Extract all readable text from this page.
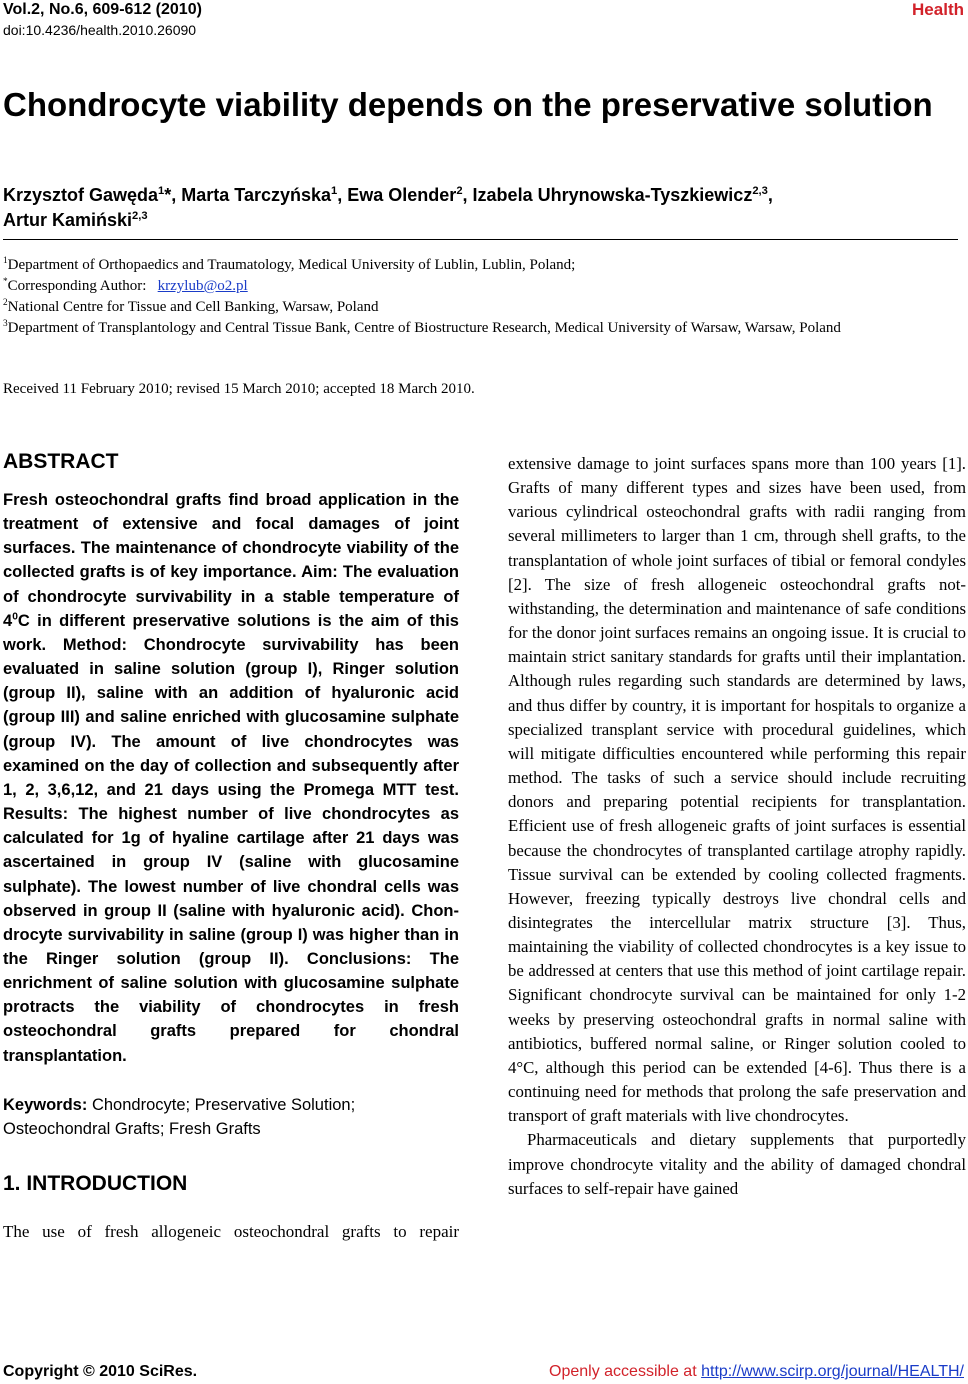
Vol.2, No.6, 609-612 (2010)
doi:10.4236/health.2010.26090
Health
Chondrocyte viability depends on the preservative solution
Krzysztof Gawęda$^1$*, Marta Tarczyńska$^1$, Ewa Olender$^2$, Izabela Uhrynowska-Tyszkiewicz$^{2,3}$,
Artur Kamiński$^{2,3}$
$^1$Department of Orthopaedics and Traumatology, Medical University of Lublin, Lublin, Poland;
*Corresponding Author: krzylub@o2.pl
$^2$National Centre for Tissue and Cell Banking, Warsaw, Poland
$^3$Department of Transplantology and Central Tissue Bank, Centre of Biostructure Research, Medical University of Warsaw, Warsaw, Poland
Received 11 February 2010; revised 15 March 2010; accepted 18 March 2010.
ABSTRACT
Fresh osteochondral grafts find broad application in the treatment of extensive and focal damages of joint surfaces. The maintenance of chondrocyte viability of the collected grafts is of key importance. Aim: The evaluation of chondrocyte survivability in a stable temperature of $4^0C$ in different preservative solutions is the aim of this work. Method: Chondrocyte survivability has been evaluated in saline solution (group I), Ringer solution (group II), saline with an addition of hyaluronic acid (group III) and saline enriched with glucosamine sulphate (group IV). The amount of live chondrocytes was examined on the day of collection and subsequently after 1, 2, 3,6,12, and 21 days using the Promega MTT test. Results: The highest number of live chondrocytes as calculated for 1g of hyaline cartilage after 21 days was ascertained in group IV (saline with glucosamine sulphate). The lowest number of live chondral cells was observed in group II (saline with hyaluronic acid). Chondrocyte survivability in saline (group I) was higher than in the Ringer solution (group II). Conclusions: The enrichment of saline solution with glucosamine sulphate protracts the viability of chondrocytes in fresh osteochondral grafts prepared for chondral transplantation.
Keywords: Chondrocyte; Preservative Solution; Osteochondral Grafts; Fresh Grafts
1. INTRODUCTION
The use of fresh allogeneic osteochondral grafts to repair

extensive damage to joint surfaces spans more than 100 years [1]. Grafts of many different types and sizes have been used, from various cylindrical osteochondral grafts with radii ranging from several millimeters to larger than 1 cm, through shell grafts, to the transplantation of whole joint surfaces of tibial or femoral condyles [2]. The size of fresh allogeneic osteochondral grafts notwithstanding, the determination and maintenance of safe conditions for the donor joint surfaces remains an ongoing issue. It is crucial to maintain strict sanitary standards for grafts until their implantation. Although rules regarding such standards are determined by laws, and thus differ by country, it is important for hospitals to organize a specialized transplant service with procedural guidelines, which will mitigate difficulties encountered while performing this repair method. The tasks of such a service should include recruiting donors and preparing potential recipients for transplantation. Efficient use of fresh allogeneic grafts of joint surfaces is essential because the chondrocytes of transplanted cartilage atrophy rapidly. Tissue survival can be extended by cooling collected fragments. However, freezing typically destroys live chondral cells and disintegrates the intercellular matrix structure [3]. Thus, maintaining the viability of collected chondrocytes is a key issue to be addressed at centers that use this method of joint cartilage repair. Significant chondrocyte survival can be maintained for only 1-2 weeks by preserving osteochondral grafts in normal saline with antibiotics, buffered normal saline, or Ringer solution cooled to 4°C, although this period can be extended [4-6]. Thus there is a continuing need for methods that prolong the safe preservation and transport of graft materials with live chondrocytes.

Pharmaceuticals and dietary supplements that purportedly improve chondrocyte vitality and the ability of damaged chondral surfaces to self-repair have gained

Copyright © 2010 SciRes.	Openly accessible at http://www.scirp.org/journal/HEALTH/
